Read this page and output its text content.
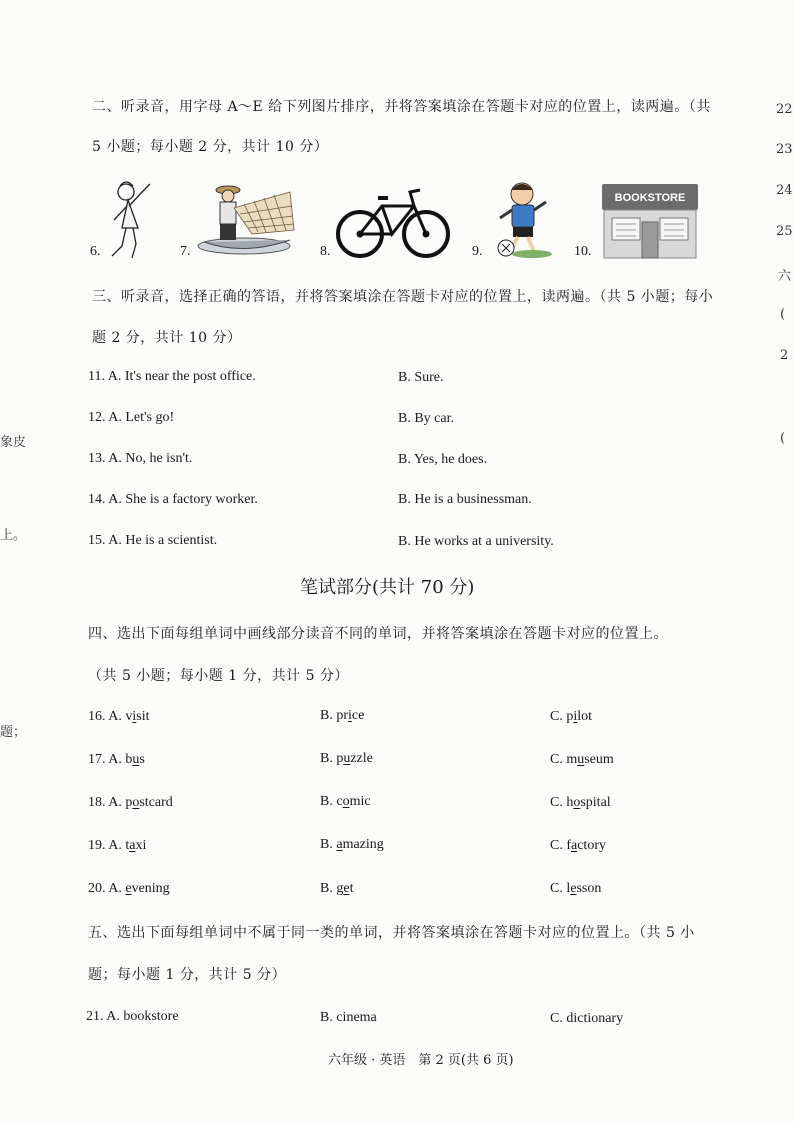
二、听录音，用字母 A～E 给下列图片排序，并将答案填涂在答题卡对应的位置上，读两遍。（共
5 小题；每小题 2 分，共计 10 分）
6.	7.	8.	9.	10.
BOOKSTORE
三、听录音，选择正确的答语，并将答案填涂在答题卡对应的位置上，读两遍。（共 5 小题；每小
题 2 分，共计 10 分）
11. A. It's near the post office.	B. Sure.
12. A. Let's go!	B. By car.
13. A. No, he isn't.	B. Yes, he does.
14. A. She is a factory worker.	B. He is a businessman.
15. A. He is a scientist.	B. He works at a university.
笔试部分(共计 70 分)
四、选出下面每组单词中画线部分读音不同的单词，并将答案填涂在答题卡对应的位置上。
（共 5 小题；每小题 1 分，共计 5 分）
16. A. visit	B. price	C. pilot
17. A. bus	B. puzzle	C. museum
18. A. postcard	B. comic	C. hospital
19. A. taxi	B. amazing	C. factory
20. A. evening	B. get	C. lesson
五、选出下面每组单词中不属于同一类的单词，并将答案填涂在答题卡对应的位置上。（共 5 小
题；每小题 1 分，共计 5 分）
21. A. bookstore	B. cinema	C. dictionary
六年级 · 英语　第 2 页(共 6 页)
象皮
上。
题；
22
23
24
25
六
(
2
(
